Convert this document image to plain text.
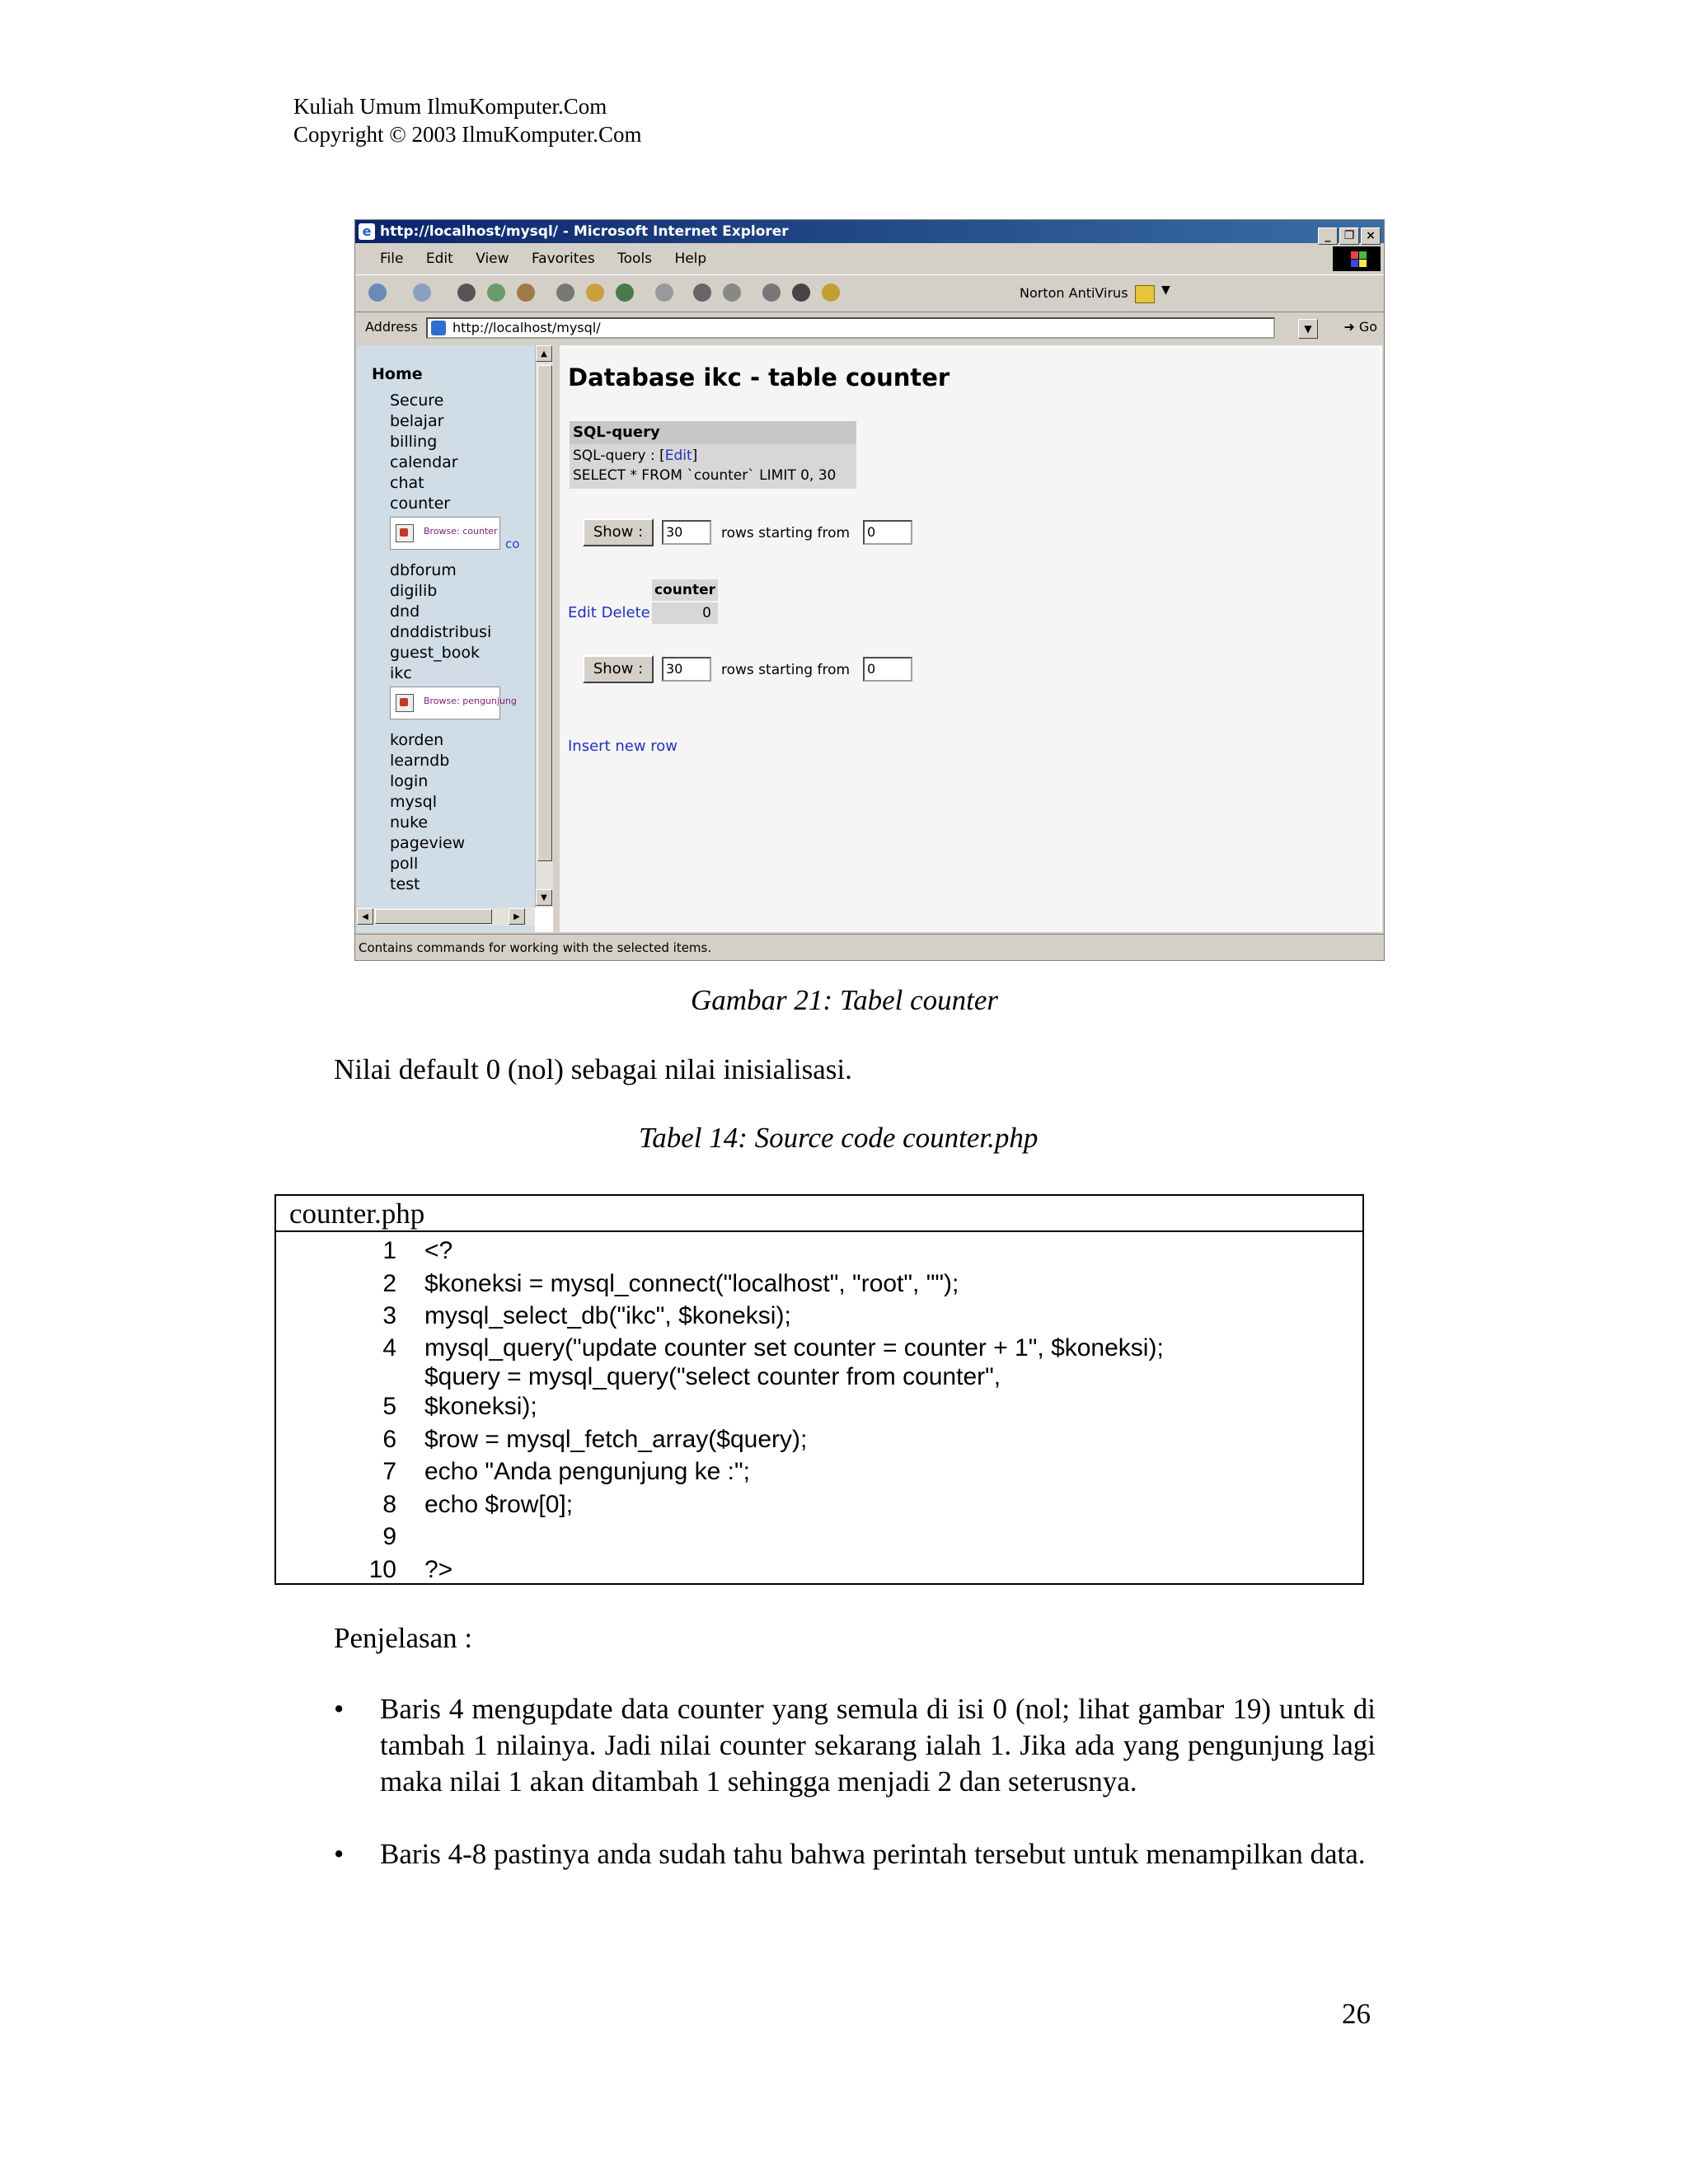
Kuliah Umum IlmuKomputer.Com
Copyright © 2003 IlmuKomputer.Com
e http://localhost/mysql/ - Microsoft Internet Explorer	_ ❐ ×
File Edit View Favorites Tools Help
Norton AntiVirus	▼
Address	http://localhost/mysql/	▼	➜ Go
Home
Secure
belajar
billing
calendar
chat
counter
Browse: counter
co
dbforum
digilib
dnd
dnddistribusi
guest_book
ikc
Browse: pengunjung
korden
learndb
login
mysql
nuke
pageview
poll
test
◀	▶
▲
▼
Database ikc - table counter
SQL-query
SQL-query : [Edit]
SELECT * FROM `counter` LIMIT 0, 30
Show :	30	rows starting from	0
counter
Edit Delete	0
Show :	30	rows starting from	0
Insert new row
Contains commands for working with the selected items.
Gambar 21: Tabel counter
Nilai default 0 (nol) sebagai nilai inisialisasi.
Tabel 14: Source code counter.php
counter.php
1 <?
2 $koneksi = mysql_connect("localhost", "root", "");
3 mysql_select_db("ikc", $koneksi);
4 mysql_query("update counter set counter = counter + 1", $koneksi);
$query = mysql_query("select counter from counter",
5 $koneksi);
6 $row = mysql_fetch_array($query);
7 echo "Anda pengunjung ke :";
8 echo $row[0];
9
10 ?>
Penjelasan :
• Baris 4 mengupdate data counter yang semula di isi 0 (nol; lihat gambar 19) untuk di tambah 1 nilainya. Jadi nilai counter sekarang ialah 1. Jika ada yang pengunjung lagi maka nilai 1 akan ditambah 1 sehingga menjadi 2 dan seterusnya.
• Baris 4-8 pastinya anda sudah tahu bahwa perintah tersebut untuk menampilkan data.
26
